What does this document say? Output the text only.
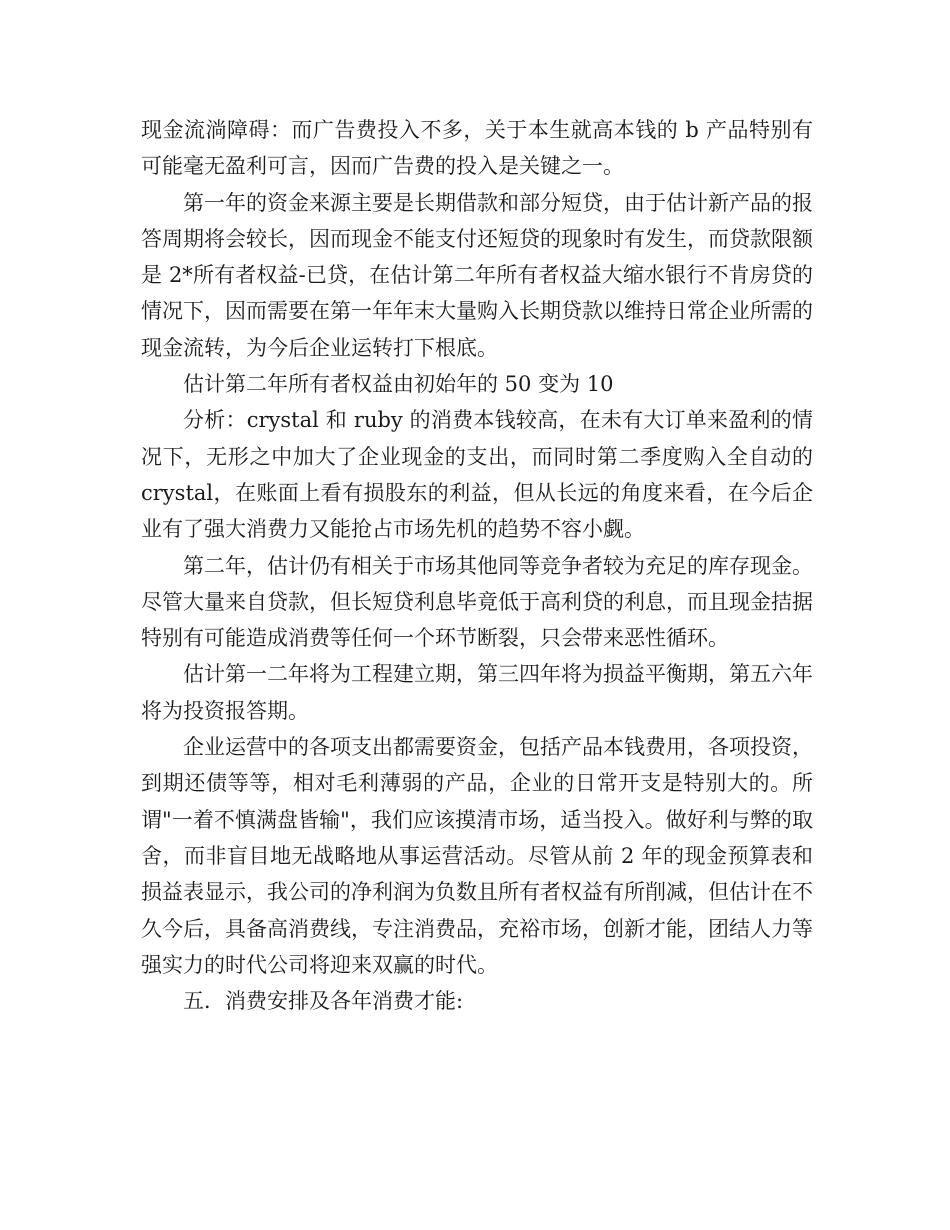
现金流淌障碍：而广告费投入不多，关于本生就高本钱的 b 产品特别有可能毫无盈利可言，因而广告费的投入是关键之一。

第一年的资金来源主要是长期借款和部分短贷，由于估计新产品的报答周期将会较长，因而现金不能支付还短贷的现象时有发生，而贷款限额是 2*所有者权益-已贷，在估计第二年所有者权益大缩水银行不肯房贷的情况下，因而需要在第一年年末大量购入长期贷款以维持日常企业所需的现金流转，为今后企业运转打下根底。

估计第二年所有者权益由初始年的 50 变为 10

分析：crystal 和 ruby 的消费本钱较高，在未有大订单来盈利的情况下，无形之中加大了企业现金的支出，而同时第二季度购入全自动的 crystal，在账面上看有损股东的利益，但从长远的角度来看，在今后企业有了强大消费力又能抢占市场先机的趋势不容小觑。

第二年，估计仍有相关于市场其他同等竞争者较为充足的库存现金。尽管大量来自贷款，但长短贷利息毕竟低于高利贷的利息，而且现金拮据特别有可能造成消费等任何一个环节断裂，只会带来恶性循环。

估计第一二年将为工程建立期，第三四年将为损益平衡期，第五六年将为投资报答期。

企业运营中的各项支出都需要资金，包括产品本钱费用，各项投资，到期还债等等，相对毛利薄弱的产品，企业的日常开支是特别大的。所谓"一着不慎满盘皆输"，我们应该摸清市场，适当投入。做好利与弊的取舍，而非盲目地无战略地从事运营活动。尽管从前 2 年的现金预算表和损益表显示，我公司的净利润为负数且所有者权益有所削减，但估计在不久今后，具备高消费线，专注消费品，充裕市场，创新才能，团结人力等强实力的时代公司将迎来双赢的时代。

五．消费安排及各年消费才能:
